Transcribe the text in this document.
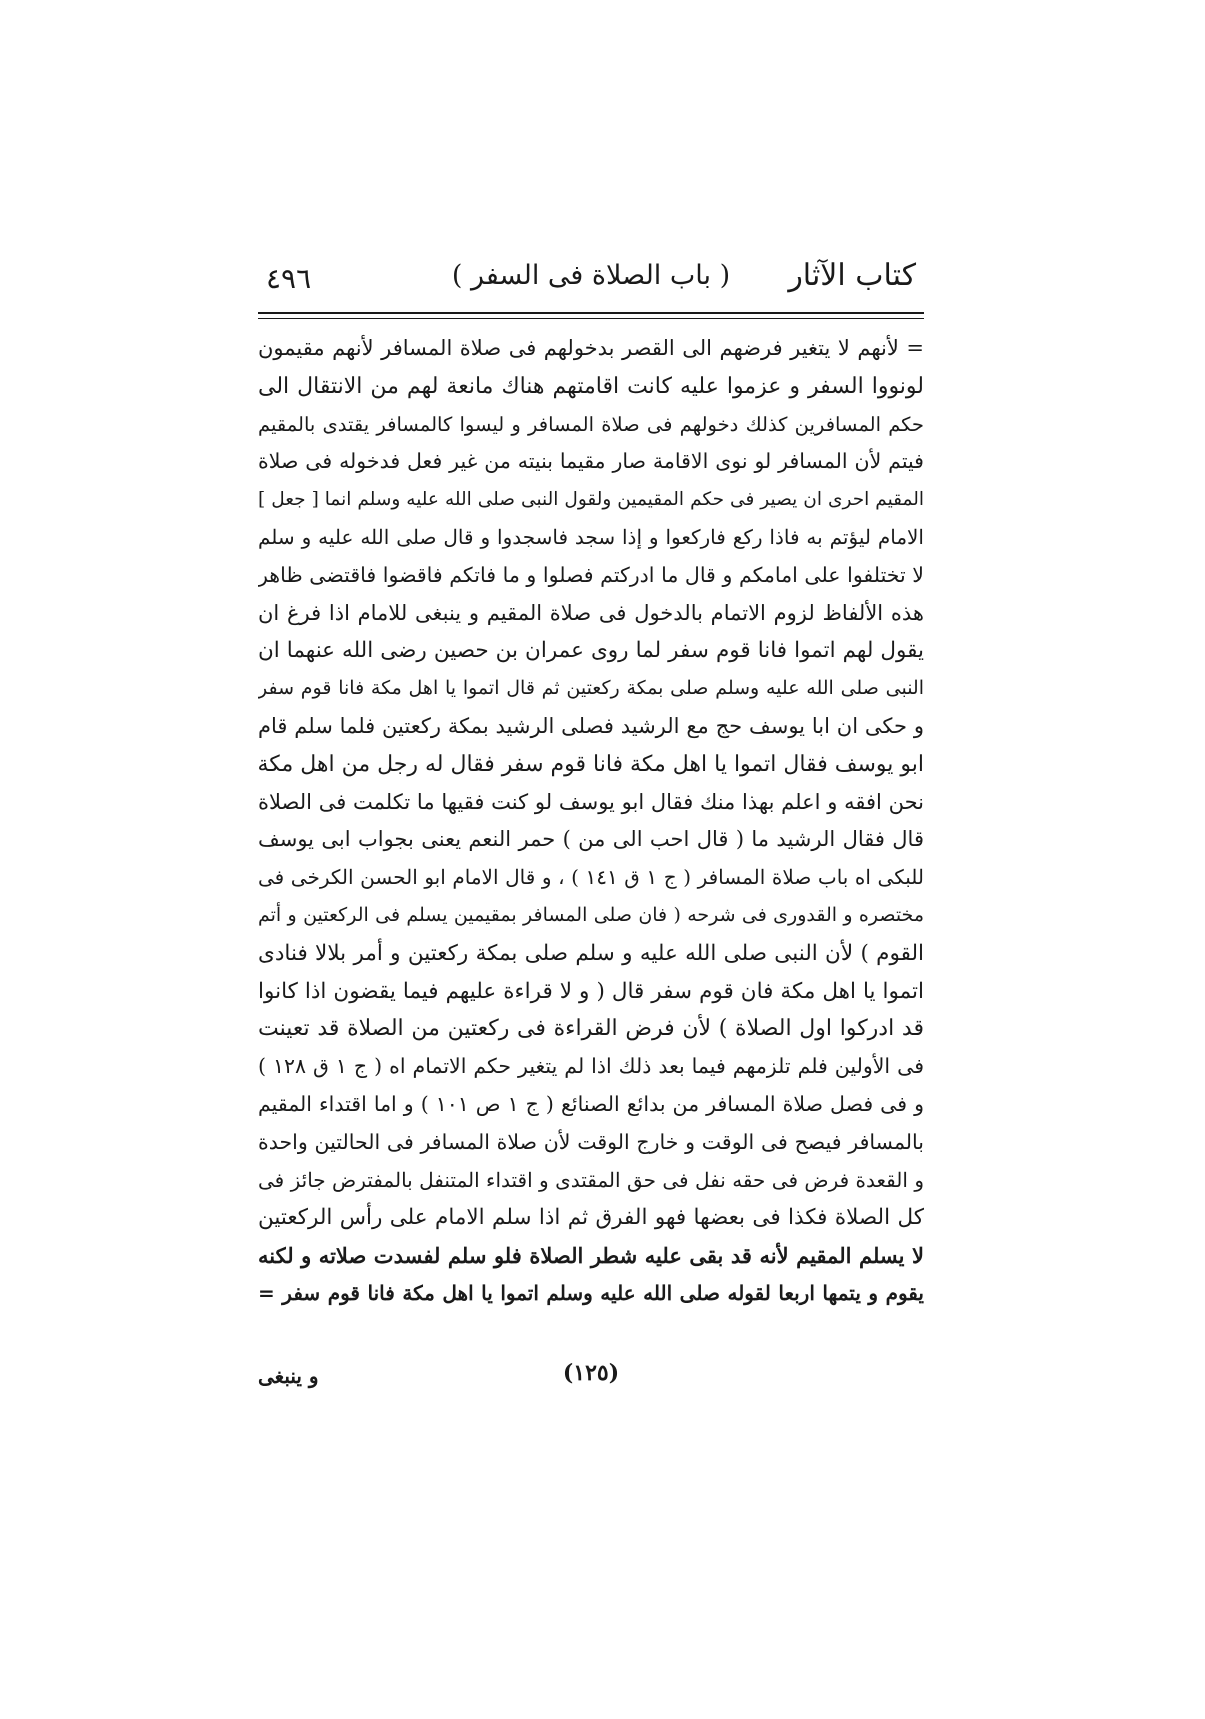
كتاب الآثار
( باب الصلاة فى السفر )
٤٩٦
= لأنهم لا يتغير فرضهم الى القصر بدخولهم فى صلاة المسافر لأنهم مقيمون
لونووا السفر و عزموا عليه كانت اقامتهم هناك مانعة لهم من الانتقال الى
حكم المسافرين كذلك دخولهم فى صلاة المسافر و ليسوا كالمسافر يقتدى بالمقيم
فيتم لأن المسافر لو نوى الاقامة صار مقيما بنيته من غير فعل فدخوله فى صلاة
المقيم احرى ان يصير فى حكم المقيمين ولقول النبى صلى الله عليه وسلم انما [ جعل ]
الامام ليؤتم به فاذا ركع فاركعوا و إذا سجد فاسجدوا و قال صلى الله عليه و سلم
لا تختلفوا على امامكم و قال ما ادركتم فصلوا و ما فاتكم فاقضوا فاقتضى ظاهر
هذه الألفاظ لزوم الاتمام بالدخول فى صلاة المقيم و ينبغى للامام اذا فرغ ان
يقول لهم اتموا فانا قوم سفر لما روى عمران بن حصين رضى الله عنهما ان
النبى صلى الله عليه وسلم صلى بمكة ركعتين ثم قال اتموا يا اهل مكة فانا قوم سفر
و حكى ان ابا يوسف حج مع الرشيد فصلى الرشيد بمكة ركعتين فلما سلم قام
ابو يوسف فقال اتموا يا اهل مكة فانا قوم سفر فقال له رجل من اهل مكة
نحن افقه و اعلم بهذا منك فقال ابو يوسف لو كنت فقيها ما تكلمت فى الصلاة
قال فقال الرشيد ما ( قال احب الى من ) حمر النعم يعنى بجواب ابى يوسف
للبكى اه باب صلاة المسافر ( ج ١ ق ١٤١ ) ، و قال الامام ابو الحسن الكرخى فى
مختصره و القدورى فى شرحه ( فان صلى المسافر بمقيمين يسلم فى الركعتين و أتم
القوم ) لأن النبى صلى الله عليه و سلم صلى بمكة ركعتين و أمر بلالا فنادى
اتموا يا اهل مكة فان قوم سفر قال ( و لا قراءة عليهم فيما يقضون اذا كانوا
قد ادركوا اول الصلاة ) لأن فرض القراءة فى ركعتين من الصلاة قد تعينت
فى الأولين فلم تلزمهم فيما بعد ذلك اذا لم يتغير حكم الاتمام اه ( ج ١ ق ١٢٨ )
و فى فصل صلاة المسافر من بدائع الصنائع ( ج ١ ص ١٠١ ) و اما اقتداء المقيم
بالمسافر فيصح فى الوقت و خارج الوقت لأن صلاة المسافر فى الحالتين واحدة
و القعدة فرض فى حقه نفل فى حق المقتدى و اقتداء المتنفل بالمفترض جائز فى
كل الصلاة فكذا فى بعضها فهو الفرق ثم اذا سلم الامام على رأس الركعتين
لا يسلم المقيم لأنه قد بقى عليه شطر الصلاة فلو سلم لفسدت صلاته و لكنه
يقوم و يتمها اربعا لقوله صلى الله عليه وسلم اتموا يا اهل مكة فانا قوم سفر =
(١٢٥)
و ينبغى
